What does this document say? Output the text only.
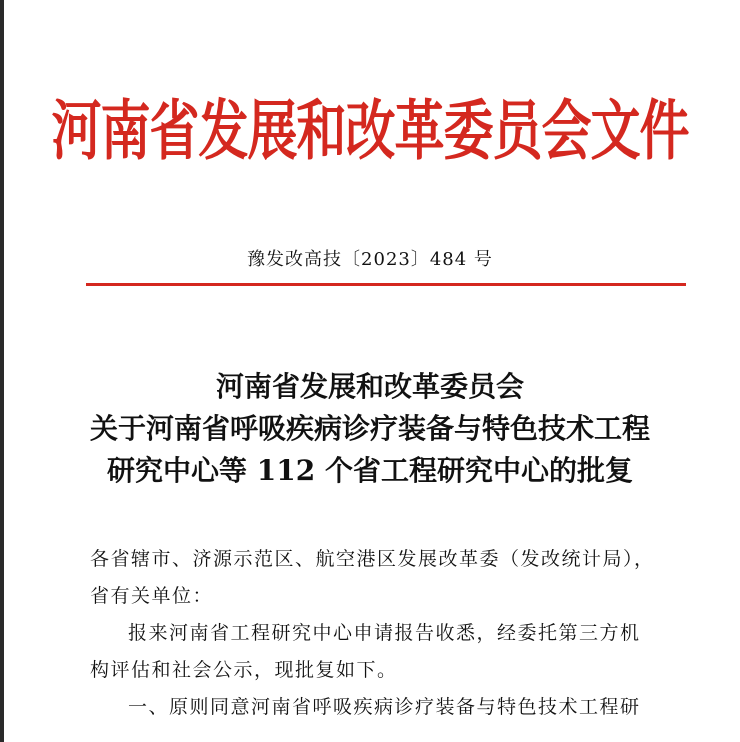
河南省发展和改革委员会文件
豫发改高技〔2023〕484 号
河南省发展和改革委员会
关于河南省呼吸疾病诊疗装备与特色技术工程
研究中心等 112 个省工程研究中心的批复
各省辖市、济源示范区、航空港区发展改革委（发改统计局），
省有关单位：
报来河南省工程研究中心申请报告收悉，经委托第三方机
构评估和社会公示，现批复如下。
一、原则同意河南省呼吸疾病诊疗装备与特色技术工程研
